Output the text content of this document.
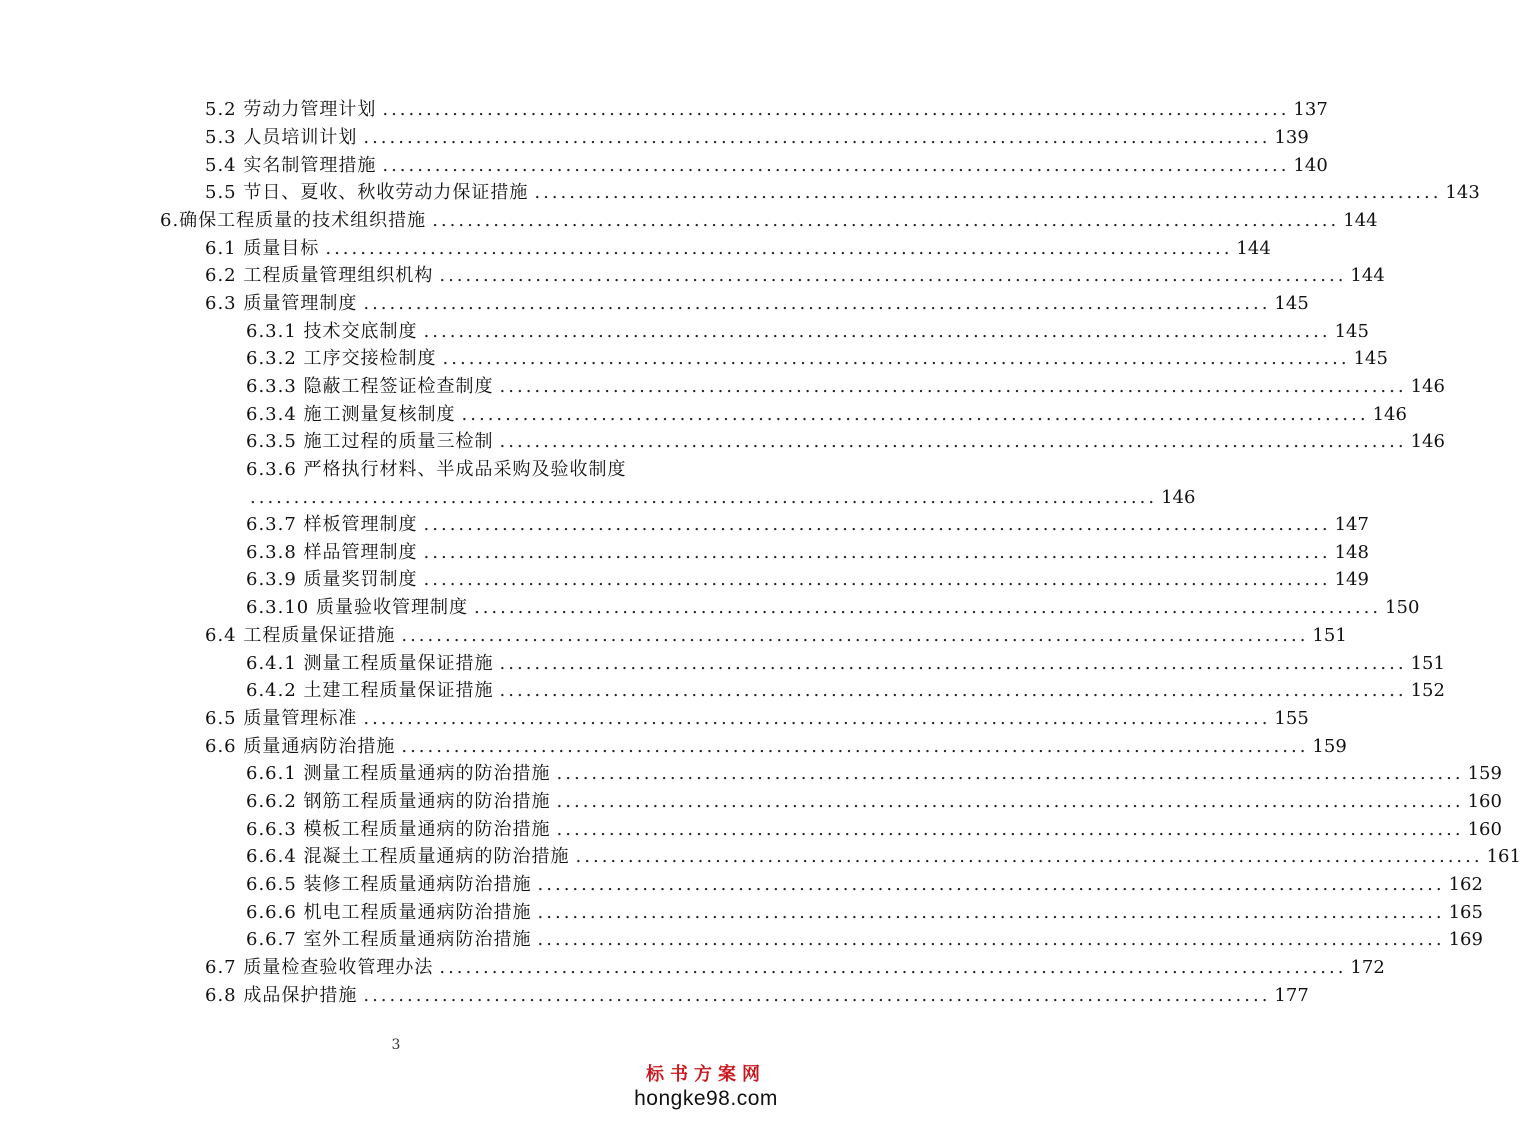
5.2 劳动力管理计划 ........................................................................................................ 137
5.3 人员培训计划 ........................................................................................................ 139
5.4 实名制管理措施 ........................................................................................................ 140
5.5 节日、夏收、秋收劳动力保证措施 ........................................................................................................ 143
6.确保工程质量的技术组织措施 ........................................................................................................ 144
6.1 质量目标 ........................................................................................................ 144
6.2 工程质量管理组织机构 ........................................................................................................ 144
6.3 质量管理制度 ........................................................................................................ 145
6.3.1 技术交底制度 ........................................................................................................ 145
6.3.2 工序交接检制度 ........................................................................................................ 145
6.3.3 隐蔽工程签证检查制度 ........................................................................................................ 146
6.3.4 施工测量复核制度 ........................................................................................................ 146
6.3.5 施工过程的质量三检制 ........................................................................................................ 146
6.3.6 严格执行材料、半成品采购及验收制度
........................................................................................................ 146
6.3.7 样板管理制度 ........................................................................................................ 147
6.3.8 样品管理制度 ........................................................................................................ 148
6.3.9 质量奖罚制度 ........................................................................................................ 149
6.3.10 质量验收管理制度 ........................................................................................................ 150
6.4 工程质量保证措施 ........................................................................................................ 151
6.4.1 测量工程质量保证措施 ........................................................................................................ 151
6.4.2 土建工程质量保证措施 ........................................................................................................ 152
6.5 质量管理标准 ........................................................................................................ 155
6.6 质量通病防治措施 ........................................................................................................ 159
6.6.1 测量工程质量通病的防治措施 ........................................................................................................ 159
6.6.2 钢筋工程质量通病的防治措施 ........................................................................................................ 160
6.6.3 模板工程质量通病的防治措施 ........................................................................................................ 160
6.6.4 混凝土工程质量通病的防治措施 ........................................................................................................ 161
6.6.5 装修工程质量通病防治措施 ........................................................................................................ 162
6.6.6 机电工程质量通病防治措施 ........................................................................................................ 165
6.6.7 室外工程质量通病防治措施 ........................................................................................................ 169
6.7 质量检查验收管理办法 ........................................................................................................ 172
6.8 成品保护措施 ........................................................................................................ 177
3
标书方案网
hongke98.com
